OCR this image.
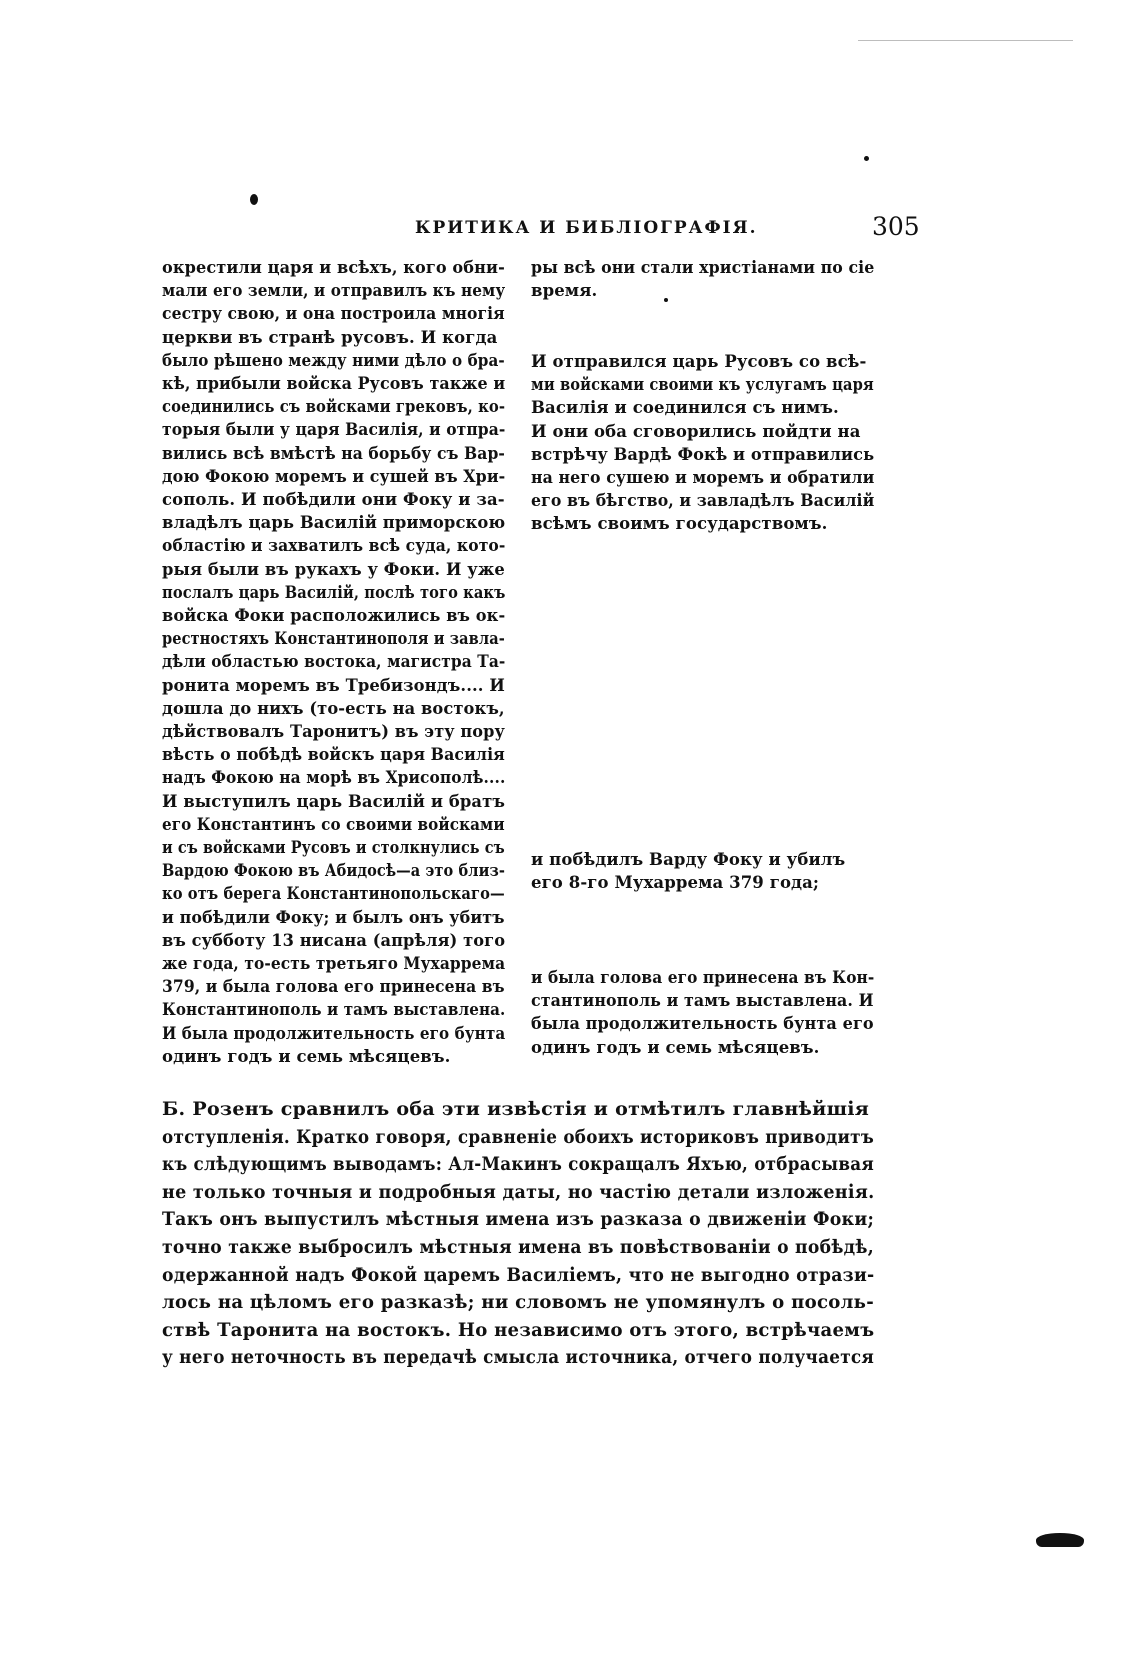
КРИТИКА И БИБЛІОГРАФІЯ.	305
окрестили царя и всѣхъ, кого обни-
мали его земли, и отправилъ къ нему
сестру свою, и она построила многія
церкви въ странѣ русовъ. И когда
было рѣшено между ними дѣло о бра-
кѣ, прибыли войска Русовъ также и
соединились съ войсками грековъ, ко-
торыя были у царя Василія, и отпра-
вились всѣ вмѣстѣ на борьбу съ Вар-
дою Фокою моремъ и сушей въ Хри-
сополь. И побѣдили они Фоку и за-
владѣлъ царь Василій приморскою
областію и захватилъ всѣ суда, кото-
рыя были въ рукахъ у Фоки. И уже
послалъ царь Василій, послѣ того какъ
войска Фоки расположились въ ок-
рестностяхъ Константинополя и завла-
дѣли областью востока, магистра Та-
ронита моремъ въ Требизондъ.... И
дошла до нихъ (то-есть на востокъ,
дѣйствовалъ Таронитъ) въ эту пору
вѣсть о побѣдѣ войскъ царя Василія
надъ Фокою на морѣ въ Хрисополѣ....
И выступилъ царь Василій и братъ
его Константинъ со своими войсками
и съ войсками Русовъ и столкнулись съ
Вардою Фокою въ Абидосѣ—а это близ-
ко отъ берега Константинопольскаго—
и побѣдили Фоку; и былъ онъ убитъ
въ субботу 13 нисана (апрѣля) того
же года, то-есть третьяго Мухаррема
379, и была голова его принесена въ
Константинополь и тамъ выставлена.
И была продолжительность его бунта
одинъ годъ и семь мѣсяцевъ.
ры всѣ они стали христіанами по сіе
время.
И отправился царь Русовъ со всѣ-
ми войсками своими къ услугамъ царя
Василія и соединился съ нимъ.
И они оба сговорились пойдти на
встрѣчу Вардѣ Фокѣ и отправились
на него сушею и моремъ и обратили
его въ бѣгство, и завладѣлъ Василій
всѣмъ своимъ государствомъ.
и побѣдилъ Варду Фоку и убилъ
его 8-го Мухаррема 379 года;
и была голова его принесена въ Кон-
стантинополь и тамъ выставлена. И
была продолжительность бунта его
одинъ годъ и семь мѣсяцевъ.
Б. Розенъ сравнилъ оба эти извѣстія и отмѣтилъ главнѣйшія
отступленія. Кратко говоря, сравненіе обоихъ историковъ приводитъ
къ слѣдующимъ выводамъ: Ал-Макинъ сокращалъ Яхъю, отбрасывая
не только точныя и подробныя даты, но частію детали изложенія.
Такъ онъ выпустилъ мѣстныя имена изъ разказа о движеніи Фоки;
точно также выбросилъ мѣстныя имена въ повѣствованіи о побѣдѣ,
одержанной надъ Фокой царемъ Василіемъ, что не выгодно отрази-
лось на цѣломъ его разказѣ; ни словомъ не упомянулъ о посоль-
ствѣ Таронита на востокъ. Но независимо отъ этого, встрѣчаемъ
у него неточность въ передачѣ смысла источника, отчего получается
